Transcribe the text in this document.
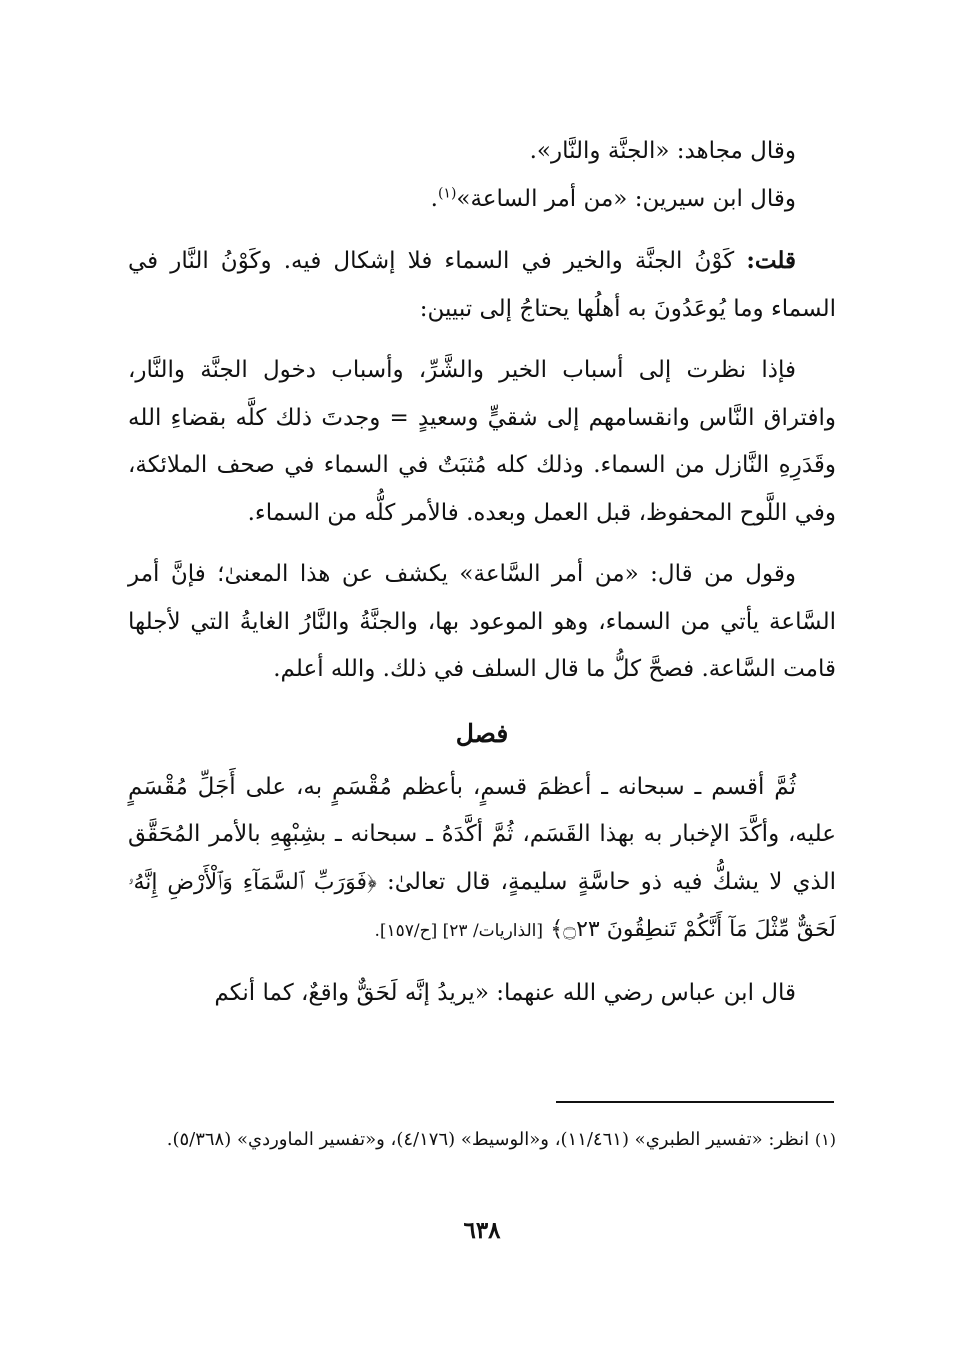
وقال مجاهد: «الجنَّة والنَّار».

وقال ابن سيرين: «من أمر الساعة»$^{(١)}$.

قلت: كَوْنُ الجنَّة والخير في السماء فلا إشكال فيه. وكَوْنُ النَّار في السماء وما يُوعَدُونَ به أهلُها يحتاجُ إلى تبيين:

فإذا نظرت إلى أسباب الخير والشَّرِّ، وأسباب دخول الجنَّة والنَّار، وافتراق النَّاس وانقسامهم إلى شقيٍّ وسعيدٍ = وجدتَ ذلك كلَّه بقضاءِ الله وقَدَرِهِ النَّازل من السماء. وذلك كله مُثبَتٌ في السماء في صحف الملائكة، وفي اللَّوح المحفوظ، قبل العمل وبعده. فالأمر كلُّه من السماء.

وقول من قال: «من أمر السَّاعة» يكشف عن هذا المعنىٰ؛ فإنَّ أمر السَّاعة يأتي من السماء، وهو الموعود بها، والجنَّةُ والنَّارُ الغايةُ التي لأجلها قامت السَّاعة. فصحَّ كلُّ ما قال السلف في ذلك. والله أعلم.

فصل

ثُمَّ أقسم ـ سبحانه ـ أعظمَ قسمٍ، بأعظم مُقْسَمٍ به، على أَجَلِّ مُقْسَمٍ عليه، وأكَّدَ الإخبار به بهذا القَسَم، ثُمَّ أكَّدَهُ ـ سبحانه ـ بشِبْهِهِ بالأمر المُحَقَّق الذي لا يشكُّ فيه ذو حاسَّةٍ سليمةٍ، قال تعالىٰ: ﴿فَوَرَبِّ ٱلسَّمَآءِ وَٱلْأَرْضِ إِنَّهُۥ لَحَقٌّ مِّثْلَ مَآ أَنَّكُمْ تَنطِقُونَ ۝٢٣﴾ [الذاريات/ ٢٣] [ح/١٥٧].

قال ابن عباس رضي الله عنهما: «يريدُ إنَّه لَحَقٌّ واقعٌ، كما أنكم

(١) انظر: «تفسير الطبري» (١١/٤٦١)، و«الوسيط» (٤/١٧٦)، و«تفسير الماوردي» (٥/٣٦٨).

٦٣٨
